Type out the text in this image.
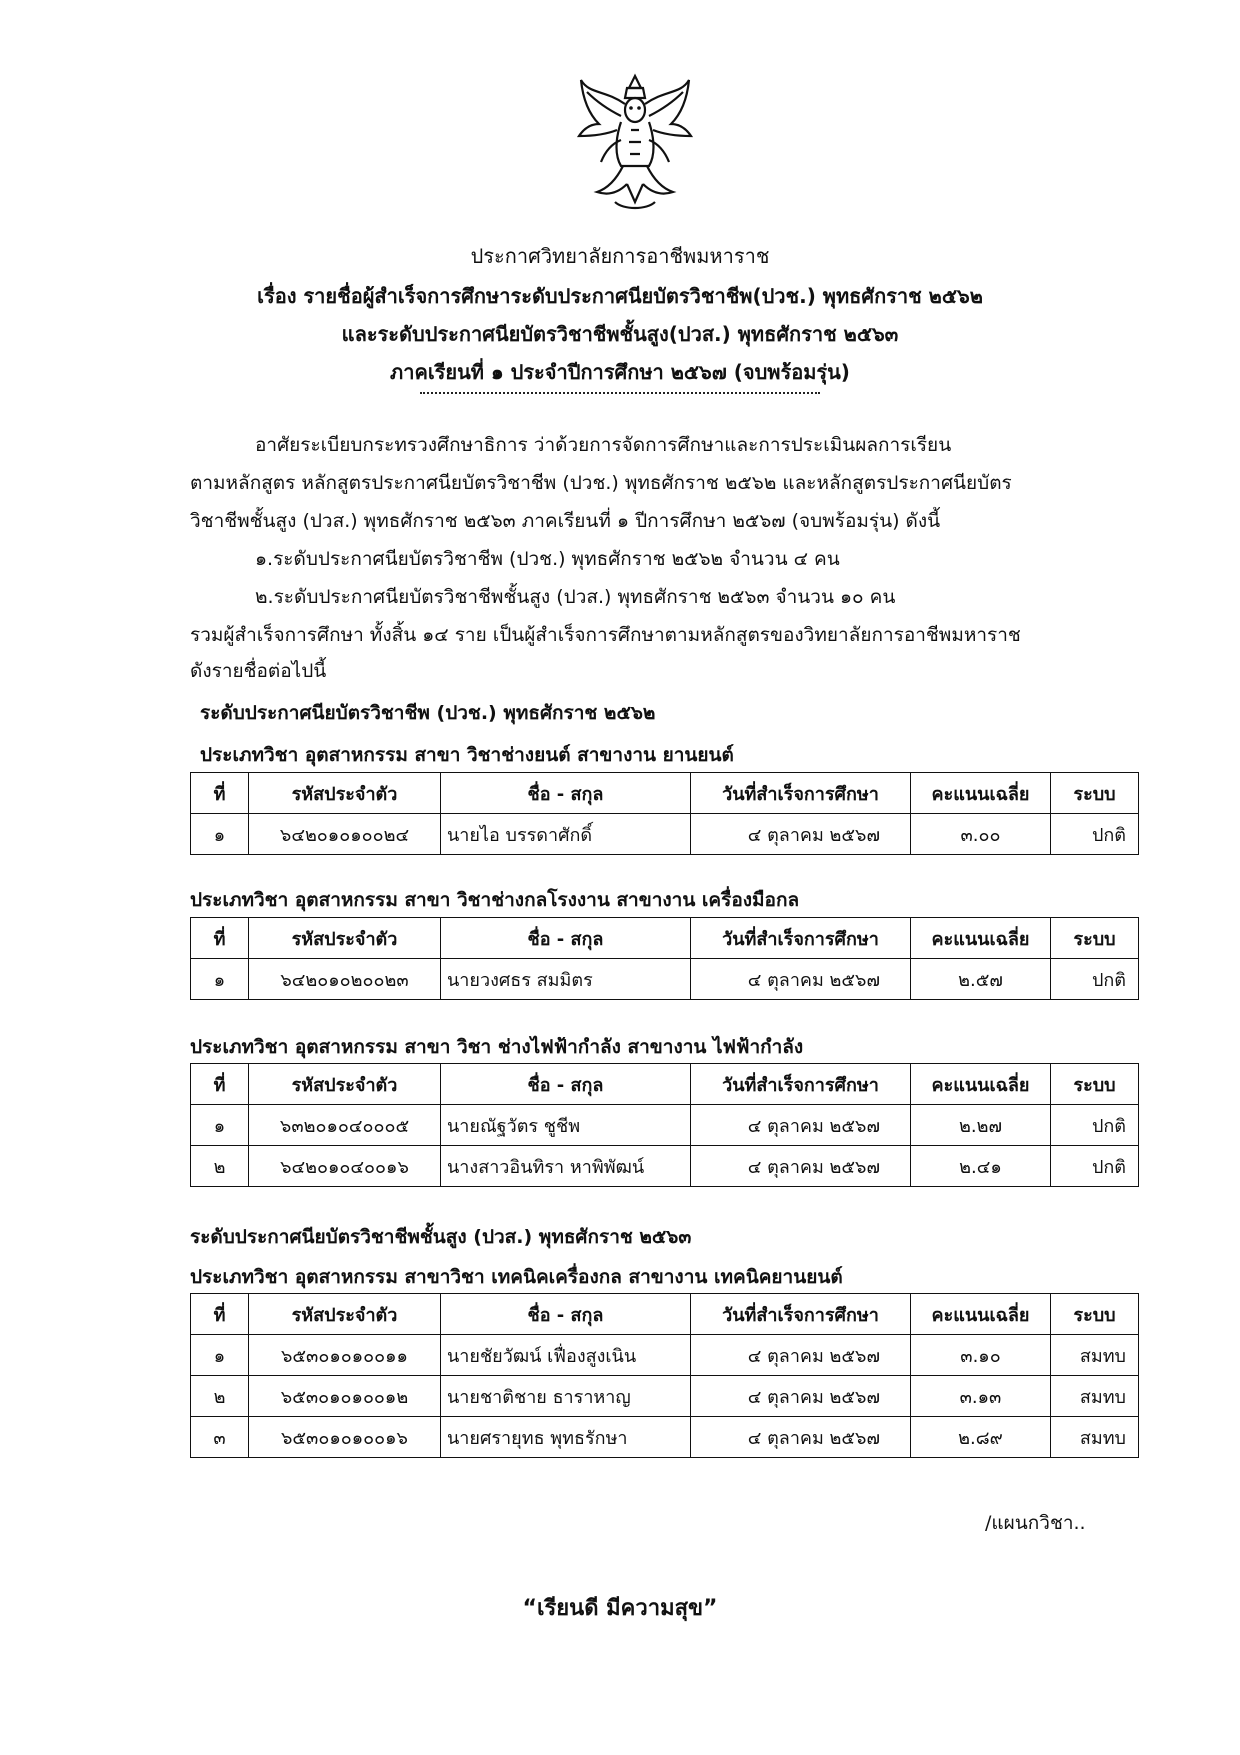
ประกาศวิทยาลัยการอาชีพมหาราช
เรื่อง รายชื่อผู้สำเร็จการศึกษาระดับประกาศนียบัตรวิชาชีพ(ปวช.) พุทธศักราช ๒๕๖๒
และระดับประกาศนียบัตรวิชาชีพชั้นสูง(ปวส.) พุทธศักราช ๒๕๖๓
ภาคเรียนที่ ๑ ประจำปีการศึกษา ๒๕๖๗ (จบพร้อมรุ่น)
อาศัยระเบียบกระทรวงศึกษาธิการ ว่าด้วยการจัดการศึกษาและการประเมินผลการเรียน
ตามหลักสูตร หลักสูตรประกาศนียบัตรวิชาชีพ (ปวช.) พุทธศักราช ๒๕๖๒ และหลักสูตรประกาศนียบัตร
วิชาชีพชั้นสูง (ปวส.) พุทธศักราช ๒๕๖๓ ภาคเรียนที่ ๑ ปีการศึกษา ๒๕๖๗ (จบพร้อมรุ่น) ดังนี้
๑.ระดับประกาศนียบัตรวิชาชีพ (ปวช.) พุทธศักราช ๒๕๖๒ จำนวน ๔ คน
๒.ระดับประกาศนียบัตรวิชาชีพชั้นสูง (ปวส.) พุทธศักราช ๒๕๖๓ จำนวน ๑๐ คน
รวมผู้สำเร็จการศึกษา ทั้งสิ้น ๑๔ ราย เป็นผู้สำเร็จการศึกษาตามหลักสูตรของวิทยาลัยการอาชีพมหาราช
ดังรายชื่อต่อไปนี้
ระดับประกาศนียบัตรวิชาชีพ (ปวช.) พุทธศักราช ๒๕๖๒
ประเภทวิชา อุตสาหกรรม สาขา วิชาช่างยนต์ สาขางาน ยานยนต์
ที่	รหัสประจำตัว	ชื่อ - สกุล	วันที่สำเร็จการศึกษา	คะแนนเฉลี่ย	ระบบ
๑	๖๔๒๐๑๐๑๐๐๒๔	นายไอ บรรดาศักดิ์	๔ ตุลาคม ๒๕๖๗	๓.๐๐	ปกติ
ประเภทวิชา อุตสาหกรรม สาขา วิชาช่างกลโรงงาน สาขางาน เครื่องมือกล
ที่	รหัสประจำตัว	ชื่อ - สกุล	วันที่สำเร็จการศึกษา	คะแนนเฉลี่ย	ระบบ
๑	๖๔๒๐๑๐๒๐๐๒๓	นายวงศธร สมมิตร	๔ ตุลาคม ๒๕๖๗	๒.๕๗	ปกติ
ประเภทวิชา อุตสาหกรรม สาขา วิชา ช่างไฟฟ้ากำลัง สาขางาน ไฟฟ้ากำลัง
ที่	รหัสประจำตัว	ชื่อ - สกุล	วันที่สำเร็จการศึกษา	คะแนนเฉลี่ย	ระบบ
๑	๖๓๒๐๑๐๔๐๐๐๕	นายณัฐวัตร ชูชีพ	๔ ตุลาคม ๒๕๖๗	๒.๒๗	ปกติ
๒	๖๔๒๐๑๐๔๐๐๑๖	นางสาวอินทิรา หาพิพัฒน์	๔ ตุลาคม ๒๕๖๗	๒.๔๑	ปกติ
ระดับประกาศนียบัตรวิชาชีพชั้นสูง (ปวส.) พุทธศักราช ๒๕๖๓
ประเภทวิชา อุตสาหกรรม สาขาวิชา เทคนิคเครื่องกล สาขางาน เทคนิคยานยนต์
ที่	รหัสประจำตัว	ชื่อ - สกุล	วันที่สำเร็จการศึกษา	คะแนนเฉลี่ย	ระบบ
๑	๖๕๓๐๑๐๑๐๐๑๑	นายชัยวัฒน์ เฟื่องสูงเนิน	๔ ตุลาคม ๒๕๖๗	๓.๑๐	สมทบ
๒	๖๕๓๐๑๐๑๐๐๑๒	นายชาติชาย ธาราหาญ	๔ ตุลาคม ๒๕๖๗	๓.๑๓	สมทบ
๓	๖๕๓๐๑๐๑๐๐๑๖	นายศรายุทธ พุทธรักษา	๔ ตุลาคม ๒๕๖๗	๒.๘๙	สมทบ
/แผนกวิชา..
“เรียนดี มีความสุข”
